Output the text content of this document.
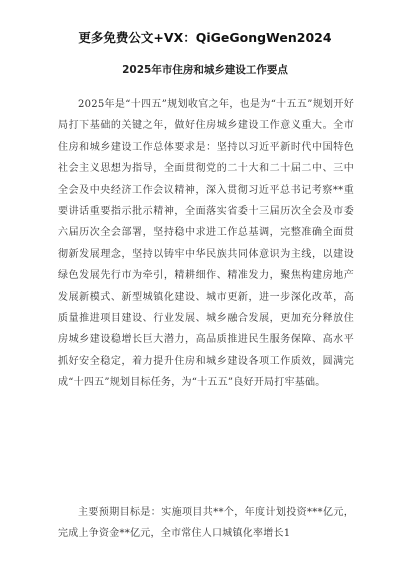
更多免费公文+VX：QiGeGongWen2024
2025年市住房和城乡建设工作要点
2025年是“十四五”规划收官之年，也是为“十五五”规划开好局打下基础的关键之年，做好住房城乡建设工作意义重大。全市住房和城乡建设工作总体要求是：坚持以习近平新时代中国特色社会主义思想为指导，全面贯彻党的二十大和二十届二中、三中全会及中央经济工作会议精神，深入贯彻习近平总书记考察**重要讲话重要指示批示精神，全面落实省委十三届历次全会及市委六届历次全会部署，坚持稳中求进工作总基调，完整准确全面贯彻新发展理念，坚持以铸牢中华民族共同体意识为主线，以建设绿色发展先行市为牵引，精耕细作、精准发力，聚焦构建房地产发展新模式、新型城镇化建设、城市更新，进一步深化改革，高质量推进项目建设、行业发展、城乡融合发展，更加充分释放住房城乡建设稳增长巨大潜力，高品质推进民生服务保障、高水平抓好安全稳定，着力提升住房和城乡建设各项工作质效，圆满完成“十四五”规划目标任务，为“十五五”良好开局打牢基础。
主要预期目标是：实施项目共**个，年度计划投资***亿元，完成上争资金**亿元，全市常住人口城镇化率增长1
